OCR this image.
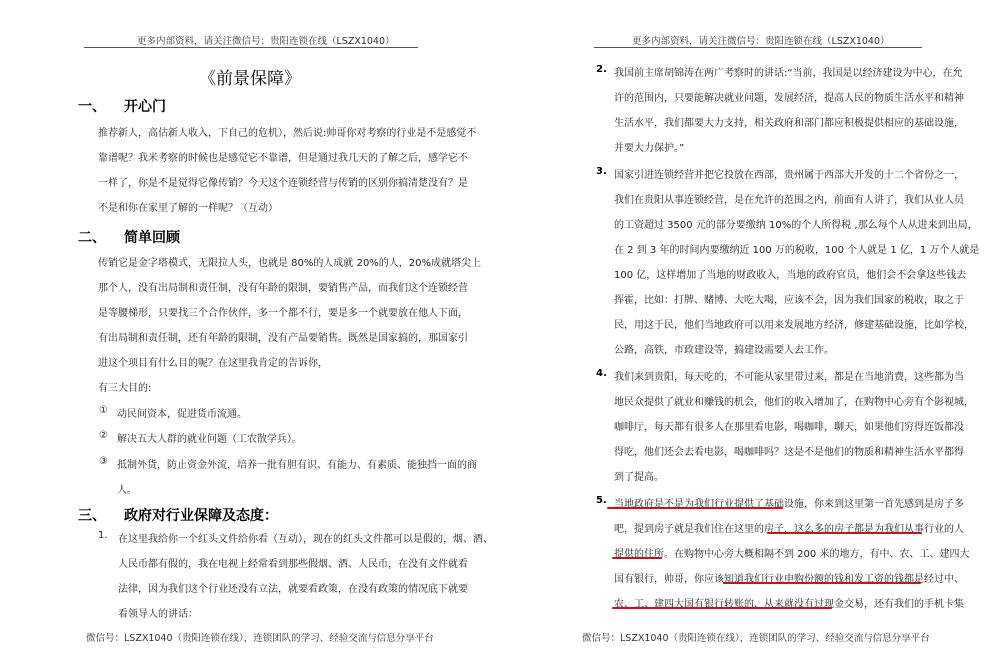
更多内部资料，请关注微信号：贵阳连锁在线（LSZX1040）
《前景保障》
一、 开心门
推荐新人，高估新人收入，下自己的危机），然后说:帅哥你对考察的行业是不是感觉不
靠谱呢？我米考察的时候也是感觉它不靠谱，但是通过我几天的了解之后，感学它不
一样了，你是不是觉得它像传销？今天这个连锁经营与传销的区别你搞清楚没有？是
不是和你在家里了解的一样呢？（互动）
二、 简单回顾
传销它是金字塔模式，无限拉人头，也就是 80%的人成就 20%的人，20%成就塔尖上
那个人，没有出局制和责任制，没有年龄的限制，要销售产品，而我们这个连锁经营
是等腰梯形，只要找三个合作伙伴，多一个都不行，要是多一个就要放在他人下面，
有出局制和责任制，还有年龄的限制，没有产品要销售。既然是国家搞的，那国家引
进这个项目有什么目的呢？在这里我肯定的告诉你，
有三大目的:
① 动民间资本，促进货币流通。
② 解决五大人群的就业问题（工农散学兵）。
③ 抵制外货，防止资金外流，培养一批有胆有识、有能力、有素质、能独挡一面的商
人。
三、 政府对行业保障及态度：
1. 在这里我给你一个红头文件给你看（互动），现在的红头文件都可以是假的，烟、酒、
人民币都有假的，我在电视上经常看到那些假烟、酒、人民币，在没有文件就看
法律，因为我们这个行业还没有立法，就要看政策，在没有政策的情况底下就要
看领导人的讲话：
微信号：LSZX1040（贵阳连锁在线），连锁团队的学习、经验交流与信息分享平台
更多内部资料，请关注微信号：贵阳连锁在线（LSZX1040）
微信号：LSZX1040（贵阳连锁在线），连锁团队的学习、经验交流与信息分享平台
2. 我国前主席胡锦涛在两广考察时的讲话:“当前，我国是以经济建设为中心，在允
许的范围内，只要能解决就业问题，发展经济，提高人民的物质生活水平和精神
生活水平，我们都要大力支持，相关政府和部门都应积极提供相应的基础设施，
并要大力保护。”
3. 国家引进连锁经营并把它投放在西部，贵州属于西部大开发的十二个省份之一，
我们在贵阳从事连锁经营，是在允许的范围之内，前面有人讲了，我们从业人员
的工资超过 3500 元的部分要缴纳 10%的个人所得税 ,那么每个人从进来到出局，
在 2 到 3 年的时间内要缴纳近 100 万的税收，100 个人就是 1 亿，1 万个人就是
100 亿，这样增加了当地的财政收入，当地的政府官员，他们会不会拿这些钱去
挥霍，比如：打牌、赌博、大吃大喝，应该不会，因为我们国家的税收，取之于
民，用这于民，他们当地政府可以用来发展地方经济，修建基础设施，比如学校，
公路，高铁，市政建设等，搞建设需要人去工作。
4. 我们来到贵阳，每天吃的，不可能从家里带过来，都是在当地消费，这些都为当
地民众提供了就业和赚钱的机会，他们的收入增加了，在购物中心旁有个影视城，
咖啡厅，每天都有很多人在那里看电影，喝咖啡，聊天，如果他们穷得连饭都没
得吃，他们还会去看电影，喝咖啡吗？这是不是他们的物质和精神生活水平都得
到了提高。
5. 当地政府是不是为我们行业提供了基础设施，你来到这里第一首先感到是房子多
吧，提到房子就是我们住在这里的房子，这么多的房子都是为我们从事行业的人
提供的住所。在购物中心旁大概相隔不到 200 米的地方，有中、农、工、建四大
国有银行，帅哥，你应该知道我们行业申购份额的钱和发工资的钱都是经过中、
农、工、建四大国有银行转账的，从来就没有过现金交易，还有我们的手机卡集
